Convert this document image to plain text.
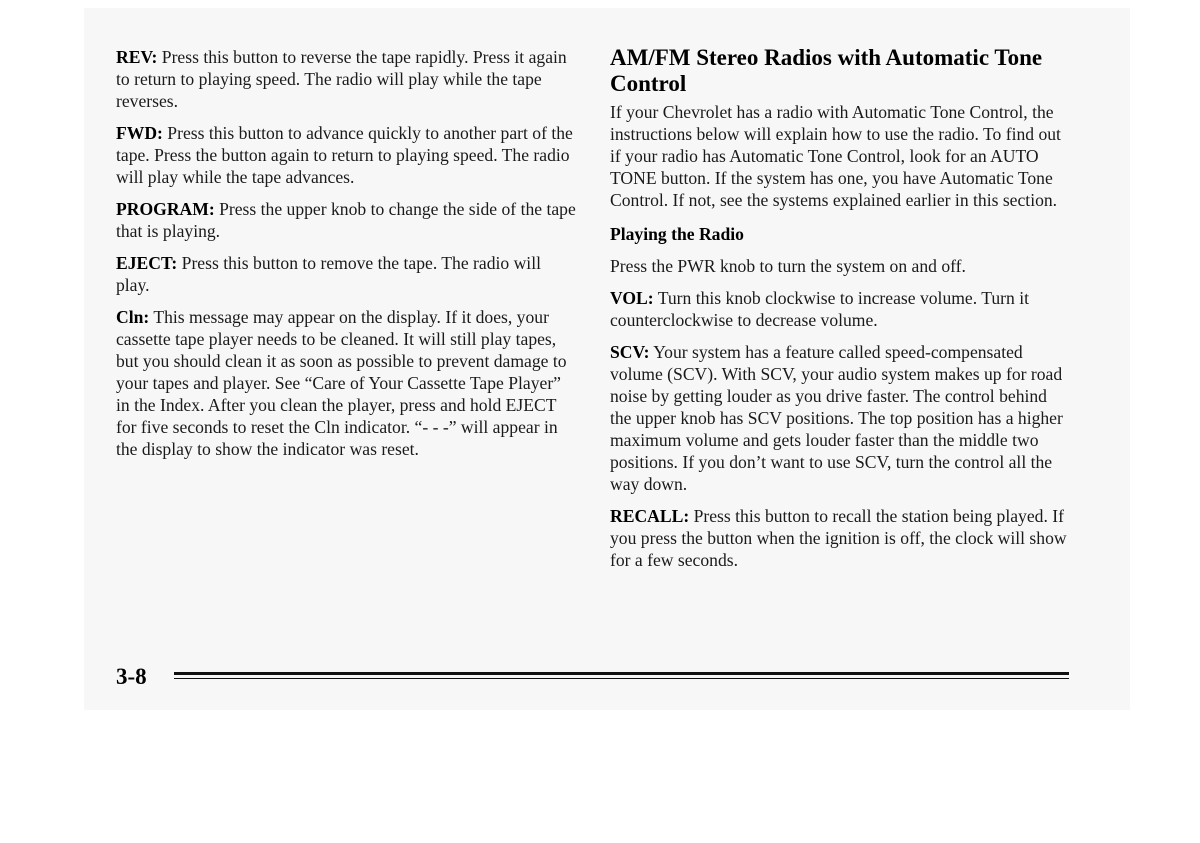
REV: Press this button to reverse the tape rapidly. Press it again to return to playing speed. The radio will play while the tape reverses.

FWD: Press this button to advance quickly to another part of the tape. Press the button again to return to playing speed. The radio will play while the tape advances.

PROGRAM: Press the upper knob to change the side of the tape that is playing.

EJECT: Press this button to remove the tape. The radio will play.

Cln: This message may appear on the display. If it does, your cassette tape player needs to be cleaned. It will still play tapes, but you should clean it as soon as possible to prevent damage to your tapes and player. See “Care of Your Cassette Tape Player” in the Index. After you clean the player, press and hold EJECT for five seconds to reset the Cln indicator. “- - -” will appear in the display to show the indicator was reset.

AM/FM Stereo Radios with Automatic Tone Control

If your Chevrolet has a radio with Automatic Tone Control, the instructions below will explain how to use the radio. To find out if your radio has Automatic Tone Control, look for an AUTO TONE button. If the system has one, you have Automatic Tone Control. If not, see the systems explained earlier in this section.

Playing the Radio

Press the PWR knob to turn the system on and off.

VOL: Turn this knob clockwise to increase volume. Turn it counterclockwise to decrease volume.

SCV: Your system has a feature called speed-compensated volume (SCV). With SCV, your audio system makes up for road noise by getting louder as you drive faster. The control behind the upper knob has SCV positions. The top position has a higher maximum volume and gets louder faster than the middle two positions. If you don’t want to use SCV, turn the control all the way down.

RECALL: Press this button to recall the station being played. If you press the button when the ignition is off, the clock will show for a few seconds.

3-8
